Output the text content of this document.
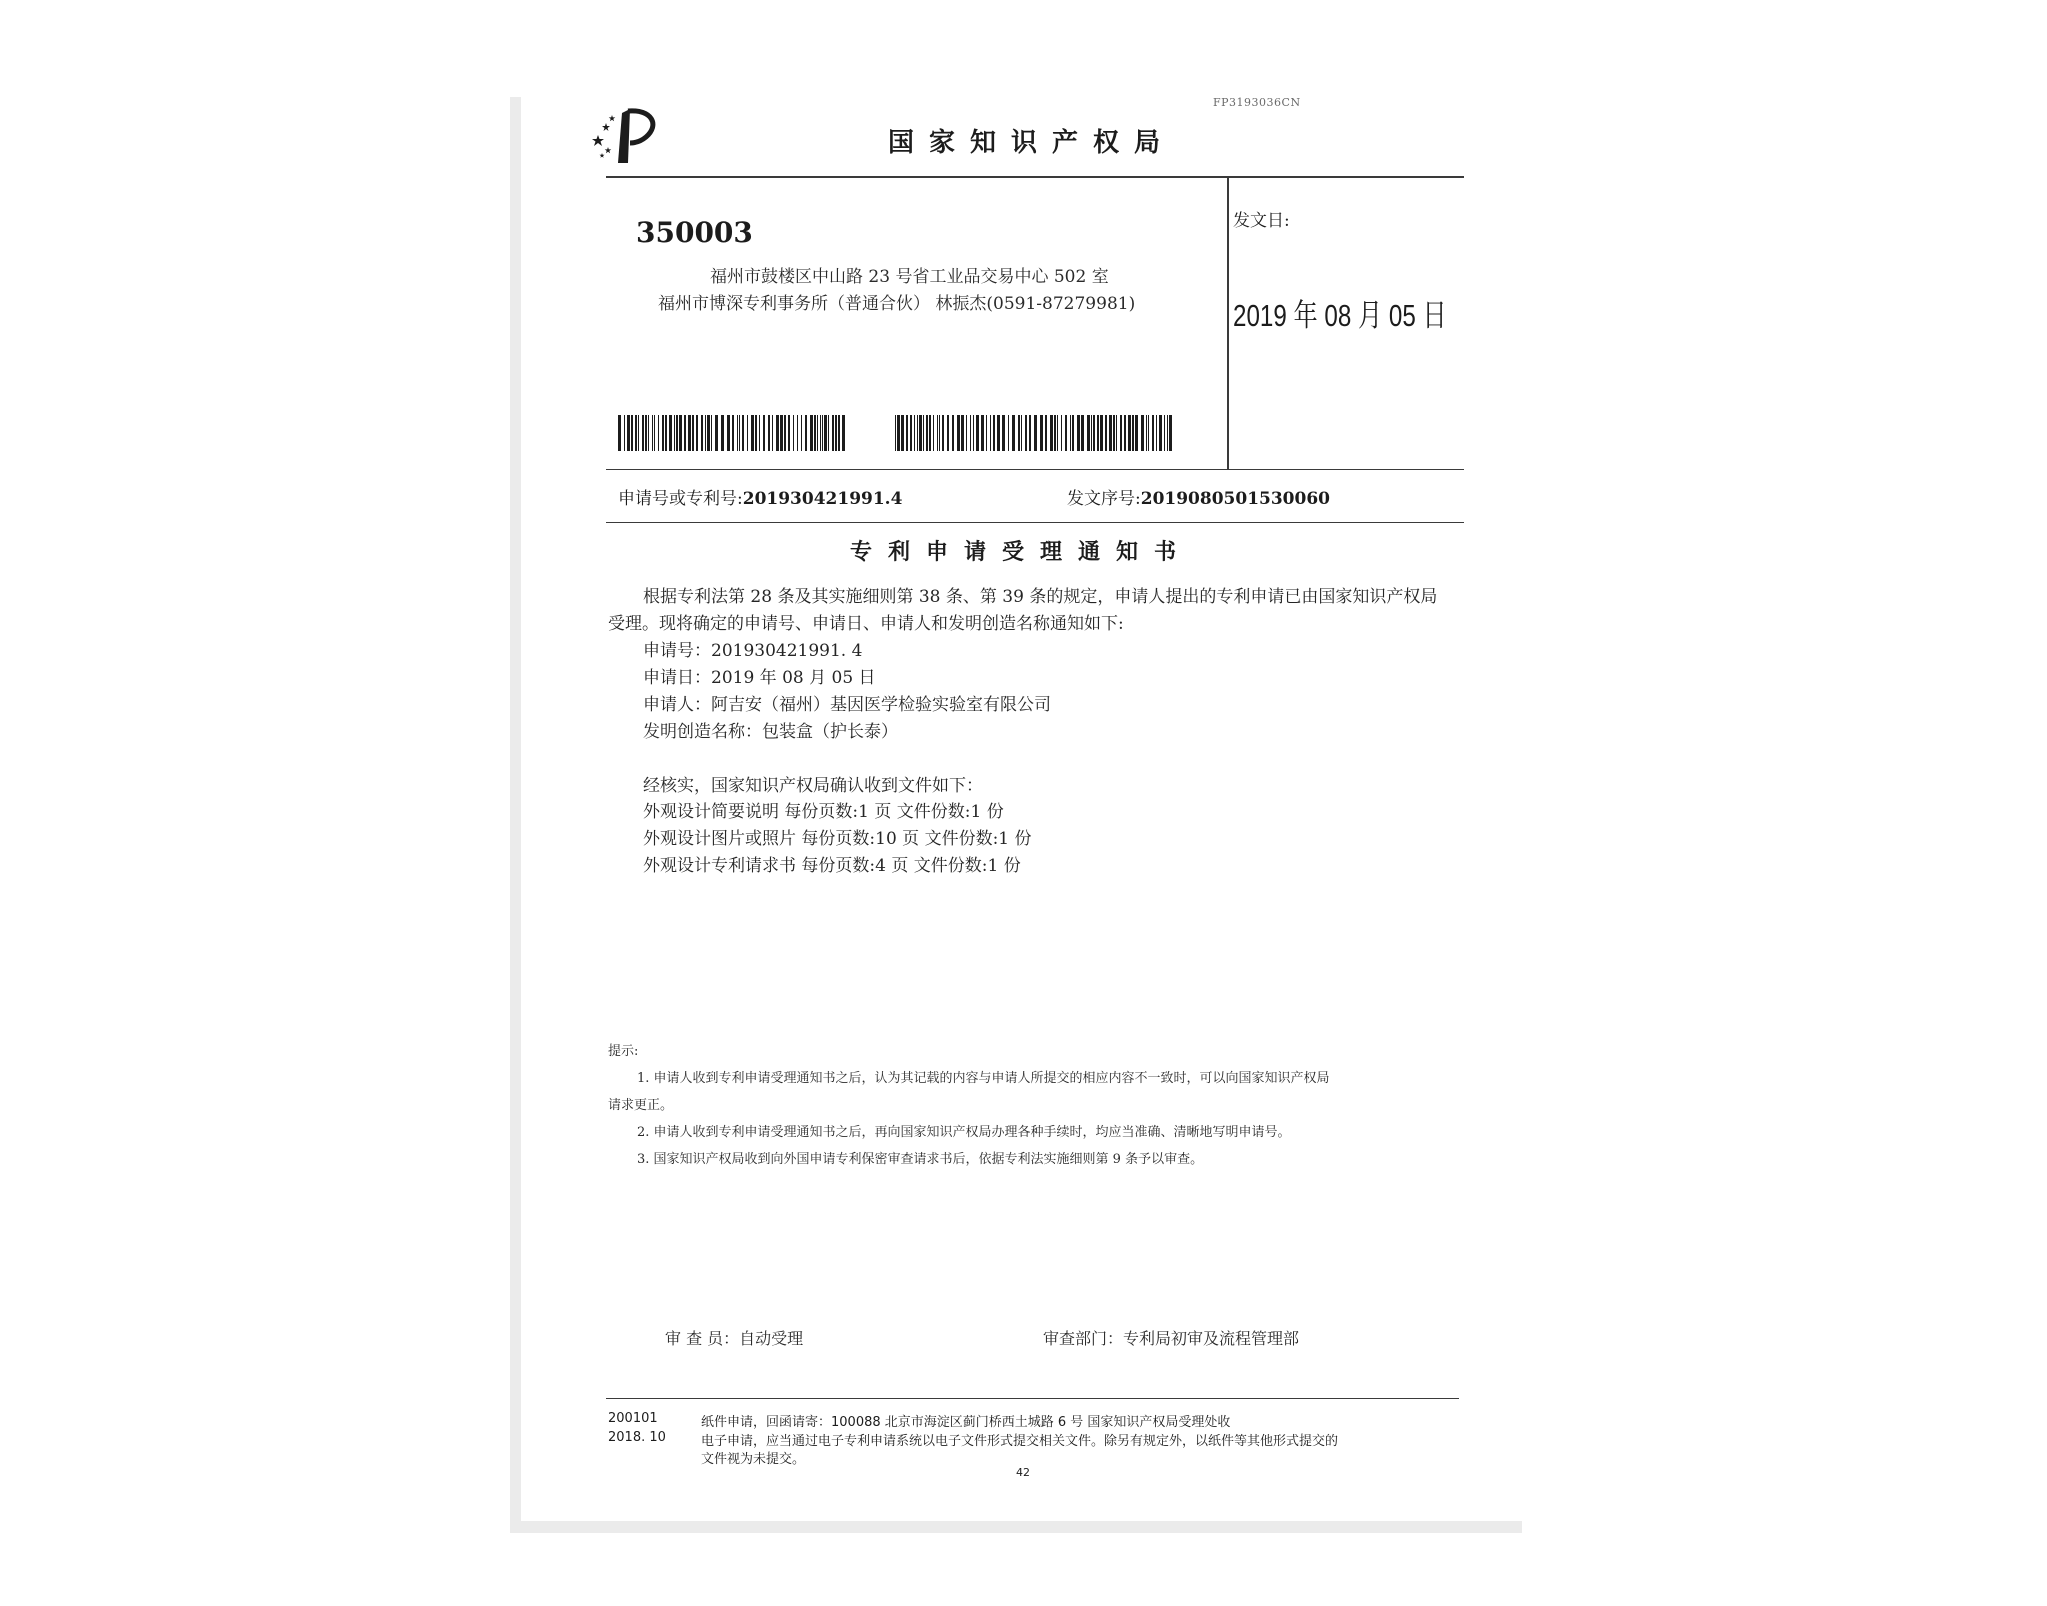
FP3193036CN
国家知识产权局
350003
福州市鼓楼区中山路 23 号省工业品交易中心 502 室
福州市博深专利事务所（普通合伙） 林振杰(0591-87279981)
发文日:
2019 年 08 月 05 日
申请号或专利号:201930421991.4	发文序号:2019080501530060
专利申请受理通知书
根据专利法第 28 条及其实施细则第 38 条、第 39 条的规定，申请人提出的专利申请已由国家知识产权局
受理。现将确定的申请号、申请日、申请人和发明创造名称通知如下:
申请号：201930421991. 4
申请日：2019 年 08 月 05 日
申请人：阿吉安（福州）基因医学检验实验室有限公司
发明创造名称：包装盒（护长泰）
经核实，国家知识产权局确认收到文件如下：
外观设计简要说明 每份页数:1 页 文件份数:1 份
外观设计图片或照片 每份页数:10 页 文件份数:1 份
外观设计专利请求书 每份页数:4 页 文件份数:1 份
提示:
1. 申请人收到专利申请受理通知书之后，认为其记载的内容与申请人所提交的相应内容不一致时，可以向国家知识产权局
请求更正。
2. 申请人收到专利申请受理通知书之后，再向国家知识产权局办理各种手续时，均应当准确、清晰地写明申请号。
3. 国家知识产权局收到向外国申请专利保密审查请求书后，依据专利法实施细则第 9 条予以审查。
审 查 员：自动受理	审查部门：专利局初审及流程管理部
200101
2018. 10
纸件申请，回函请寄：100088 北京市海淀区蓟门桥西土城路 6 号 国家知识产权局受理处收
电子申请，应当通过电子专利申请系统以电子文件形式提交相关文件。除另有规定外，以纸件等其他形式提交的
文件视为未提交。
42
